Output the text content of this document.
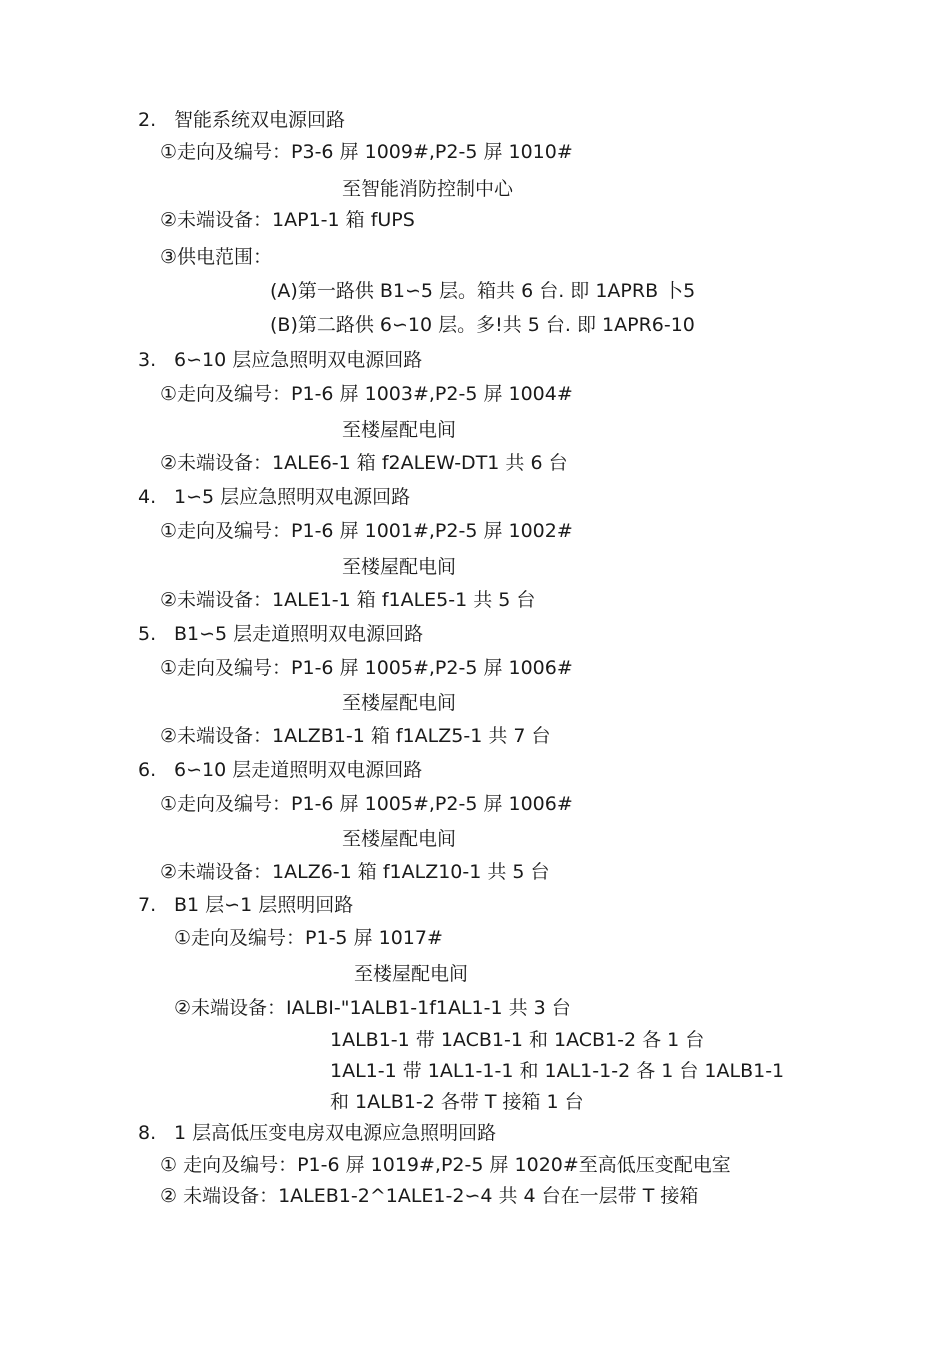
2. 智能系统双电源回路
①走向及编号：P3-6 屏 1009#,P2-5 屏 1010#
至智能消防控制中心
②未端设备：1AP1-1 箱 fUPS
③供电范围：
(A)第一路供 B1∽5 层。箱共 6 台. 即 1APRB 卜5
(B)第二路供 6∽10 层。多!共 5 台. 即 1APR6-10
3. 6∽10 层应急照明双电源回路
①走向及编号：P1-6 屏 1003#,P2-5 屏 1004#
至楼屋配电间
②未端设备：1ALE6-1 箱 f2ALEW-DT1 共 6 台
4. 1∽5 层应急照明双电源回路
①走向及编号：P1-6 屏 1001#,P2-5 屏 1002#
至楼屋配电间
②未端设备：1ALE1-1 箱 f1ALE5-1 共 5 台
5. B1∽5 层走道照明双电源回路
①走向及编号：P1-6 屏 1005#,P2-5 屏 1006#
至楼屋配电间
②未端设备：1ALZB1-1 箱 f1ALZ5-1 共 7 台
6. 6∽10 层走道照明双电源回路
①走向及编号：P1-6 屏 1005#,P2-5 屏 1006#
至楼屋配电间
②未端设备：1ALZ6-1 箱 f1ALZ10-1 共 5 台
7. B1 层∽1 层照明回路
①走向及编号：P1-5 屏 1017#
至楼屋配电间
②未端设备：IALBI-"1ALB1-1f1AL1-1 共 3 台
1ALB1-1 带 1ACB1-1 和 1ACB1-2 各 1 台
1AL1-1 带 1AL1-1-1 和 1AL1-1-2 各 1 台 1ALB1-1
和 1ALB1-2 各带 T 接箱 1 台
8. 1 层高低压变电房双电源应急照明回路
① 走向及编号：P1-6 屏 1019#,P2-5 屏 1020#至高低压变配电室
② 未端设备：1ALEB1-2^1ALE1-2∽4 共 4 台在一层带 T 接箱
